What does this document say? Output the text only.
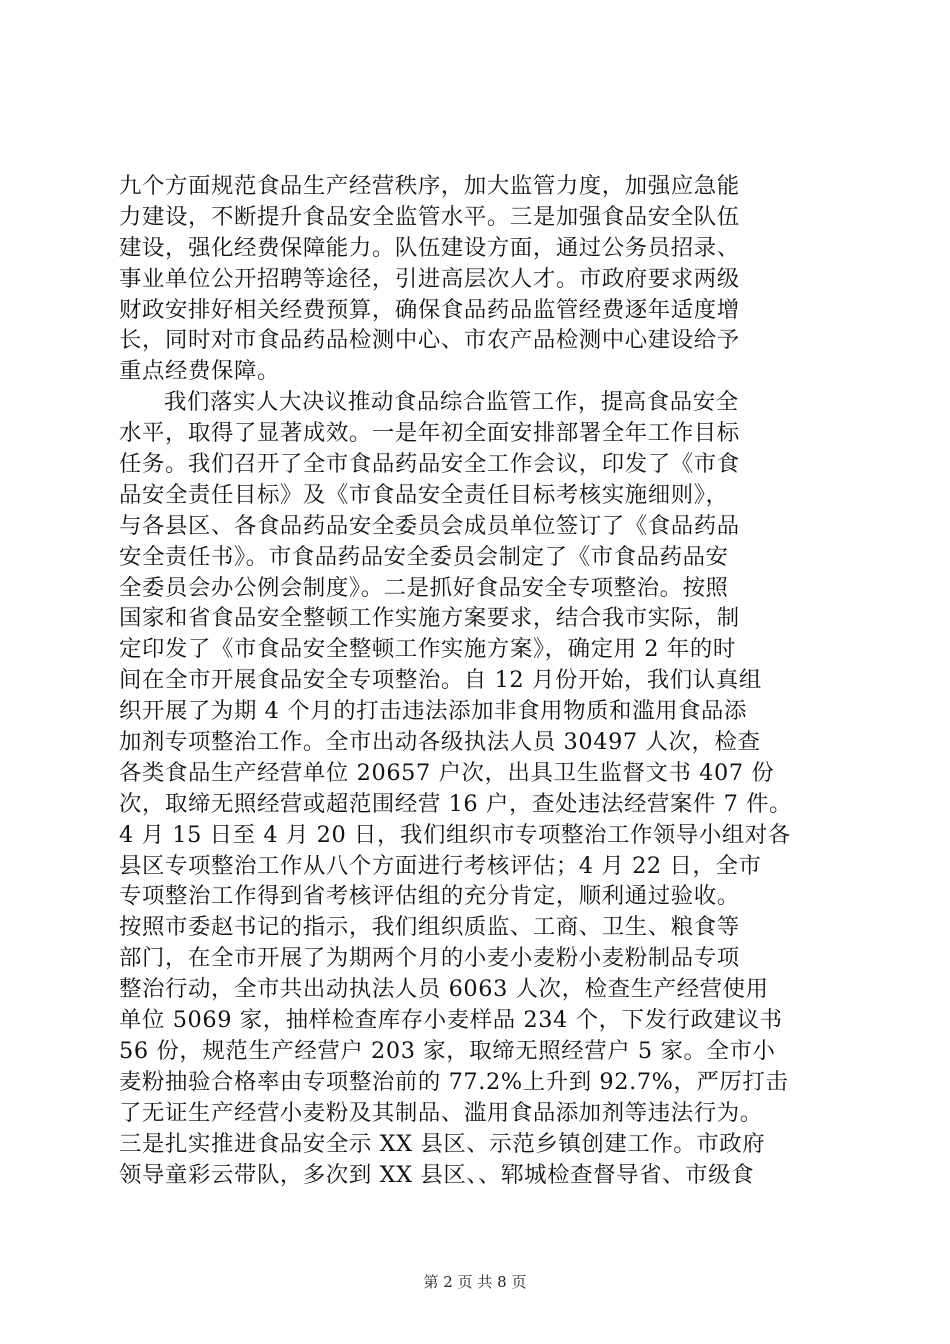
九个方面规范食品生产经营秩序，加大监管力度，加强应急能
力建设，不断提升食品安全监管水平。三是加强食品安全队伍
建设，强化经费保障能力。队伍建设方面，通过公务员招录、
事业单位公开招聘等途径，引进高层次人才。市政府要求两级
财政安排好相关经费预算，确保食品药品监管经费逐年适度增
长，同时对市食品药品检测中心、市农产品检测中心建设给予
重点经费保障。
我们落实人大决议推动食品综合监管工作，提高食品安全
水平，取得了显著成效。一是年初全面安排部署全年工作目标
任务。我们召开了全市食品药品安全工作会议，印发了《市食
品安全责任目标》及《市食品安全责任目标考核实施细则》，
与各县区、各食品药品安全委员会成员单位签订了《食品药品
安全责任书》。市食品药品安全委员会制定了《市食品药品安
全委员会办公例会制度》。二是抓好食品安全专项整治。按照
国家和省食品安全整顿工作实施方案要求，结合我市实际，制
定印发了《市食品安全整顿工作实施方案》，确定用 2 年的时
间在全市开展食品安全专项整治。自 12 月份开始，我们认真组
织开展了为期 4 个月的打击违法添加非食用物质和滥用食品添
加剂专项整治工作。全市出动各级执法人员 30497 人次，检查
各类食品生产经营单位 20657 户次，出具卫生监督文书 407 份
次，取缔无照经营或超范围经营 16 户，查处违法经营案件 7 件。
4 月 15 日至 4 月 20 日，我们组织市专项整治工作领导小组对各
县区专项整治工作从八个方面进行考核评估；4 月 22 日，全市
专项整治工作得到省考核评估组的充分肯定，顺利通过验收。
按照市委赵书记的指示，我们组织质监、工商、卫生、粮食等
部门，在全市开展了为期两个月的小麦小麦粉小麦粉制品专项
整治行动，全市共出动执法人员 6063 人次，检查生产经营使用
单位 5069 家，抽样检查库存小麦样品 234 个，下发行政建议书
56 份，规范生产经营户 203 家，取缔无照经营户 5 家。全市小
麦粉抽验合格率由专项整治前的 77.2%上升到 92.7%，严厉打击
了无证生产经营小麦粉及其制品、滥用食品添加剂等违法行为。
三是扎实推进食品安全示 XX 县区、示范乡镇创建工作。市政府
领导童彩云带队，多次到 XX 县区、、郓城检查督导省、市级食
第 2 页 共 8 页
